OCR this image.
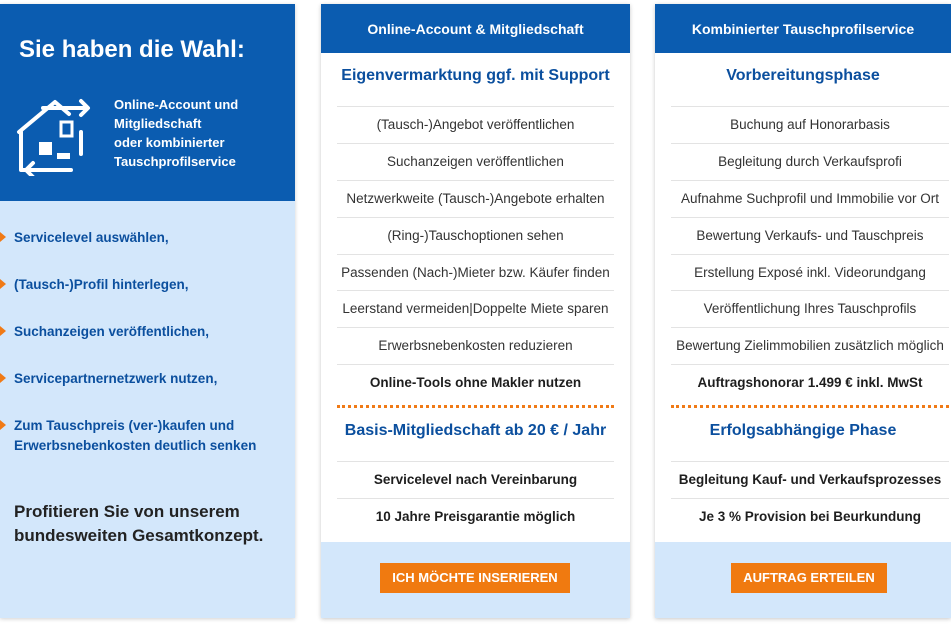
Sie haben die Wahl:
Online-Account und
Mitgliedschaft
oder kombinierter
Tauschprofilservice
Servicelevel auswählen,
(Tausch-)Profil hinterlegen,
Suchanzeigen veröffentlichen,
Servicepartnernetzwerk nutzen,
Zum Tauschpreis (ver-)kaufen und
Erwerbsnebenkosten deutlich senken
Profitieren Sie von unserem
bundesweiten Gesamtkonzept.
Online-Account & Mitgliedschaft
Eigenvermarktung ggf. mit Support
(Tausch-)Angebot veröffentlichen
Suchanzeigen veröffentlichen
Netzwerkweite (Tausch-)Angebote erhalten
(Ring-)Tauschoptionen sehen
Passenden (Nach-)Mieter bzw. Käufer finden
Leerstand vermeiden|Doppelte Miete sparen
Erwerbsnebenkosten reduzieren
Online-Tools ohne Makler nutzen
Basis-Mitgliedschaft ab 20 € / Jahr
Servicelevel nach Vereinbarung
10 Jahre Preisgarantie möglich
ICH MÖCHTE INSERIEREN
Kombinierter Tauschprofilservice
Vorbereitungsphase
Buchung auf Honorarbasis
Begleitung durch Verkaufsprofi
Aufnahme Suchprofil und Immobilie vor Ort
Bewertung Verkaufs- und Tauschpreis
Erstellung Exposé inkl. Videorundgang
Veröffentlichung Ihres Tauschprofils
Bewertung Zielimmobilien zusätzlich möglich
Auftragshonorar 1.499 € inkl. MwSt
Erfolgsabhängige Phase
Begleitung Kauf- und Verkaufsprozesses
Je 3 % Provision bei Beurkundung
AUFTRAG ERTEILEN
